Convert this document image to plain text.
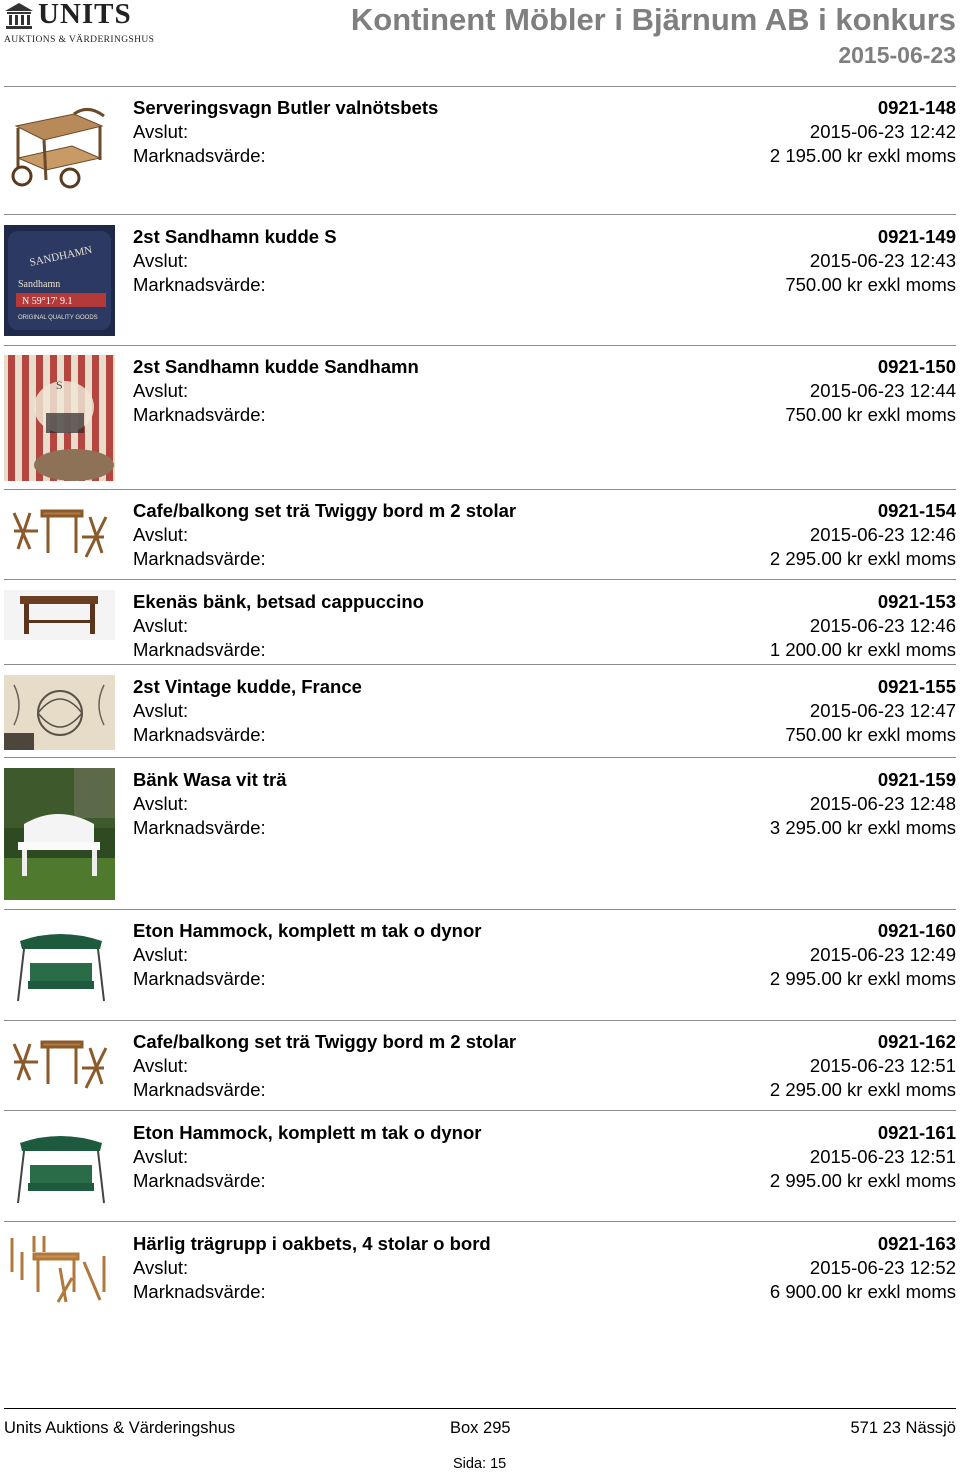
UNITS
AUKTIONS & VÄRDERINGSHUS
Kontinent Möbler i Bjärnum AB i konkurs
2015-06-23
Serveringsvagn Butler valnötsbets
Avslut:
Marknadsvärde:
0921-148
2015-06-23 12:42
2 195.00 kr exkl moms
SANDHAMN
Sandhamn
N 59°17' 9.1
ORIGINAL QUALITY GOODS
2st Sandhamn kudde S
Avslut:
Marknadsvärde:
0921-149
2015-06-23 12:43
750.00 kr exkl moms
S
2st Sandhamn kudde Sandhamn
Avslut:
Marknadsvärde:
0921-150
2015-06-23 12:44
750.00 kr exkl moms
Cafe/balkong set trä Twiggy bord m 2 stolar
Avslut:
Marknadsvärde:
0921-154
2015-06-23 12:46
2 295.00 kr exkl moms
Ekenäs bänk, betsad cappuccino
Avslut:
Marknadsvärde:
0921-153
2015-06-23 12:46
1 200.00 kr exkl moms
2st Vintage kudde, France
Avslut:
Marknadsvärde:
0921-155
2015-06-23 12:47
750.00 kr exkl moms
Bänk Wasa vit trä
Avslut:
Marknadsvärde:
0921-159
2015-06-23 12:48
3 295.00 kr exkl moms
Eton Hammock, komplett m tak o dynor
Avslut:
Marknadsvärde:
0921-160
2015-06-23 12:49
2 995.00 kr exkl moms
Cafe/balkong set trä Twiggy bord m 2 stolar
Avslut:
Marknadsvärde:
0921-162
2015-06-23 12:51
2 295.00 kr exkl moms
Eton Hammock, komplett m tak o dynor
Avslut:
Marknadsvärde:
0921-161
2015-06-23 12:51
2 995.00 kr exkl moms
Härlig trägrupp i oakbets, 4 stolar o bord
Avslut:
Marknadsvärde:
0921-163
2015-06-23 12:52
6 900.00 kr exkl moms
Units Auktions & Värderingshus	Box 295	571 23 Nässjö
Sida: 15
